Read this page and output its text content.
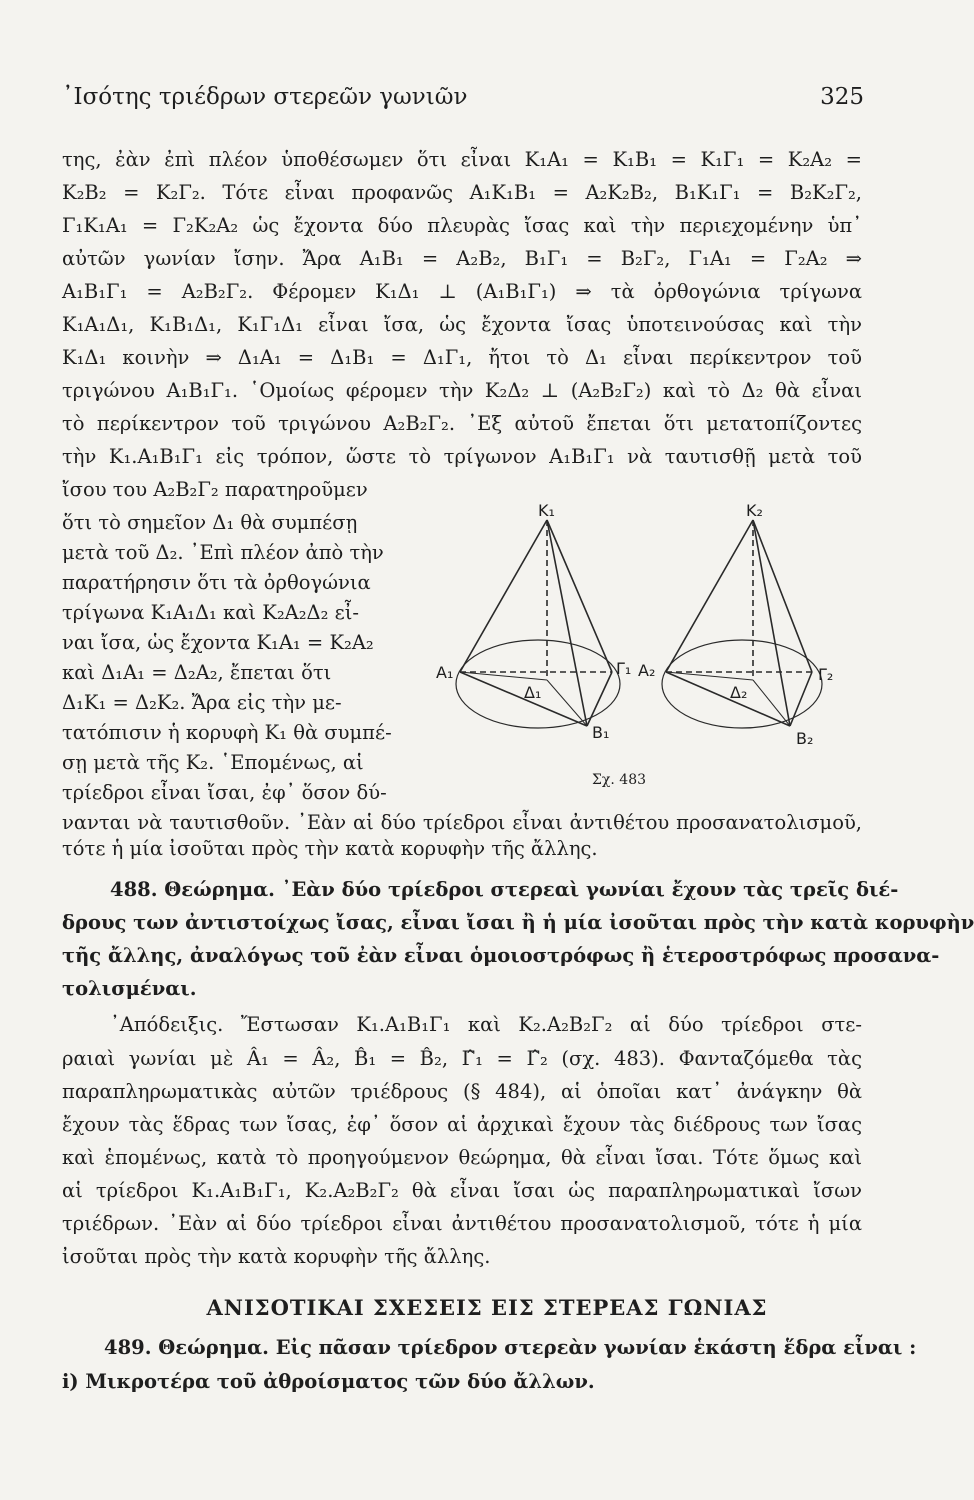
᾿Ισότης τριέδρων στερεῶν γωνιῶν	325
της, ἐὰν ἐπὶ πλέον ὑποθέσωμεν ὅτι εἶναι K₁A₁ = K₁B₁ = K₁Γ₁ = K₂A₂ =
K₂B₂ = K₂Γ₂. Τότε εἶναι προφανῶς A₁K₁B₁ = A₂K₂B₂, B₁K₁Γ₁ = B₂K₂Γ₂,
Γ₁K₁A₁ = Γ₂K₂A₂ ὡς ἔχοντα δύο πλευρὰς ἴσας καὶ τὴν περιεχομένην ὑπ᾿
αὐτῶν γωνίαν ἴσην. Ἄρα A₁B₁ = A₂B₂, B₁Γ₁ = B₂Γ₂, Γ₁A₁ = Γ₂A₂ ⇒
A₁B₁Γ₁ = A₂B₂Γ₂. Φέρομεν K₁Δ₁ ⊥ (A₁B₁Γ₁) ⇒ τὰ ὀρθογώνια τρίγωνα
K₁A₁Δ₁, K₁B₁Δ₁, K₁Γ₁Δ₁ εἶναι ἴσα, ὡς ἔχοντα ἴσας ὑποτεινούσας καὶ τὴν
K₁Δ₁ κοινὴν ⇒ Δ₁A₁ = Δ₁B₁ = Δ₁Γ₁, ἤτοι τὸ Δ₁ εἶναι περίκεντρον τοῦ
τριγώνου A₁B₁Γ₁. ῾Ομοίως φέρομεν τὴν K₂Δ₂ ⊥ (A₂B₂Γ₂) καὶ τὸ Δ₂ θὰ εἶναι
τὸ περίκεντρον τοῦ τριγώνου A₂B₂Γ₂. ᾿Εξ αὐτοῦ ἔπεται ὅτι μετατοπίζοντες
τὴν K₁.A₁B₁Γ₁ εἰς τρόπον, ὥστε τὸ τρίγωνον A₁B₁Γ₁ νὰ ταυτισθῇ μετὰ τοῦ
ἴσου του A₂B₂Γ₂ παρατηροῦμεν
ὅτι τὸ σημεῖον Δ₁ θὰ συμπέσῃ
μετὰ τοῦ Δ₂. ᾿Επὶ πλέον ἀπὸ τὴν
παρατήρησιν ὅτι τὰ ὀρθογώνια
τρίγωνα K₁A₁Δ₁ καὶ K₂A₂Δ₂ εἶ-
ναι ἴσα, ὡς ἔχοντα K₁A₁ = K₂A₂
καὶ Δ₁A₁ = Δ₂A₂, ἔπεται ὅτι
Δ₁K₁ = Δ₂K₂. Ἄρα εἰς τὴν με-
τατόπισιν ἡ κορυφὴ K₁ θὰ συμπέ-
σῃ μετὰ τῆς K₂. ῾Επομένως, αἱ
τρίεδροι εἶναι ἴσαι, ἐφ᾿ ὅσον δύ-
K₁	K₂
A₁	A₂
Γ₁	Γ₂
Δ₁	Δ₂
B₁	B₂
Σχ. 483
νανται νὰ ταυτισθοῦν. ᾿Εὰν αἱ δύο τρίεδροι εἶναι ἀντιθέτου προσανατολισμοῦ,
τότε ἡ μία ἰσοῦται πρὸς τὴν κατὰ κορυφὴν τῆς ἄλλης.
488. Θεώρημα. ᾿Εὰν δύο τρίεδροι στερεαὶ γωνίαι ἔχουν τὰς τρεῖς διέ-
δρους των ἀντιστοίχως ἴσας, εἶναι ἴσαι ἢ ἡ μία ἰσοῦται πρὸς τὴν κατὰ κορυφὴν
τῆς ἄλλης, ἀναλόγως τοῦ ἐὰν εἶναι ὁμοιοστρόφως ἢ ἑτεροστρόφως προσανα-
τολισμέναι.
᾿Απόδειξις. Ἔστωσαν K₁.A₁B₁Γ₁ καὶ K₂.A₂B₂Γ₂ αἱ δύο τρίεδροι στε-
ραιαὶ γωνίαι μὲ Â₁ = Â₂, B̂₁ = B̂₂, Γ̂₁ = Γ̂₂ (σχ. 483). Φανταζόμεθα τὰς
παραπληρωματικὰς αὐτῶν τριέδρους (§ 484), αἱ ὁποῖαι κατ᾿ ἀνάγκην θὰ
ἔχουν τὰς ἕδρας των ἴσας, ἐφ᾿ ὅσον αἱ ἀρχικαὶ ἔχουν τὰς διέδρους των ἴσας
καὶ ἑπομένως, κατὰ τὸ προηγούμενον θεώρημα, θὰ εἶναι ἴσαι. Τότε ὅμως καὶ
αἱ τρίεδροι K₁.A₁B₁Γ₁, K₂.A₂B₂Γ₂ θὰ εἶναι ἴσαι ὡς παραπληρωματικαὶ ἴσων
τριέδρων. ᾿Εὰν αἱ δύο τρίεδροι εἶναι ἀντιθέτου προσανατολισμοῦ, τότε ἡ μία
ἰσοῦται πρὸς τὴν κατὰ κορυφὴν τῆς ἄλλης.
ΑΝΙΣΟΤΙΚΑΙ ΣΧΕΣΕΙΣ ΕΙΣ ΣΤΕΡΕΑΣ ΓΩΝΙΑΣ
489. Θεώρημα. Εἰς πᾶσαν τρίεδρον στερεὰν γωνίαν ἑκάστη ἕδρα εἶναι :
i) Μικροτέρα τοῦ ἀθροίσματος τῶν δύο ἄλλων.
